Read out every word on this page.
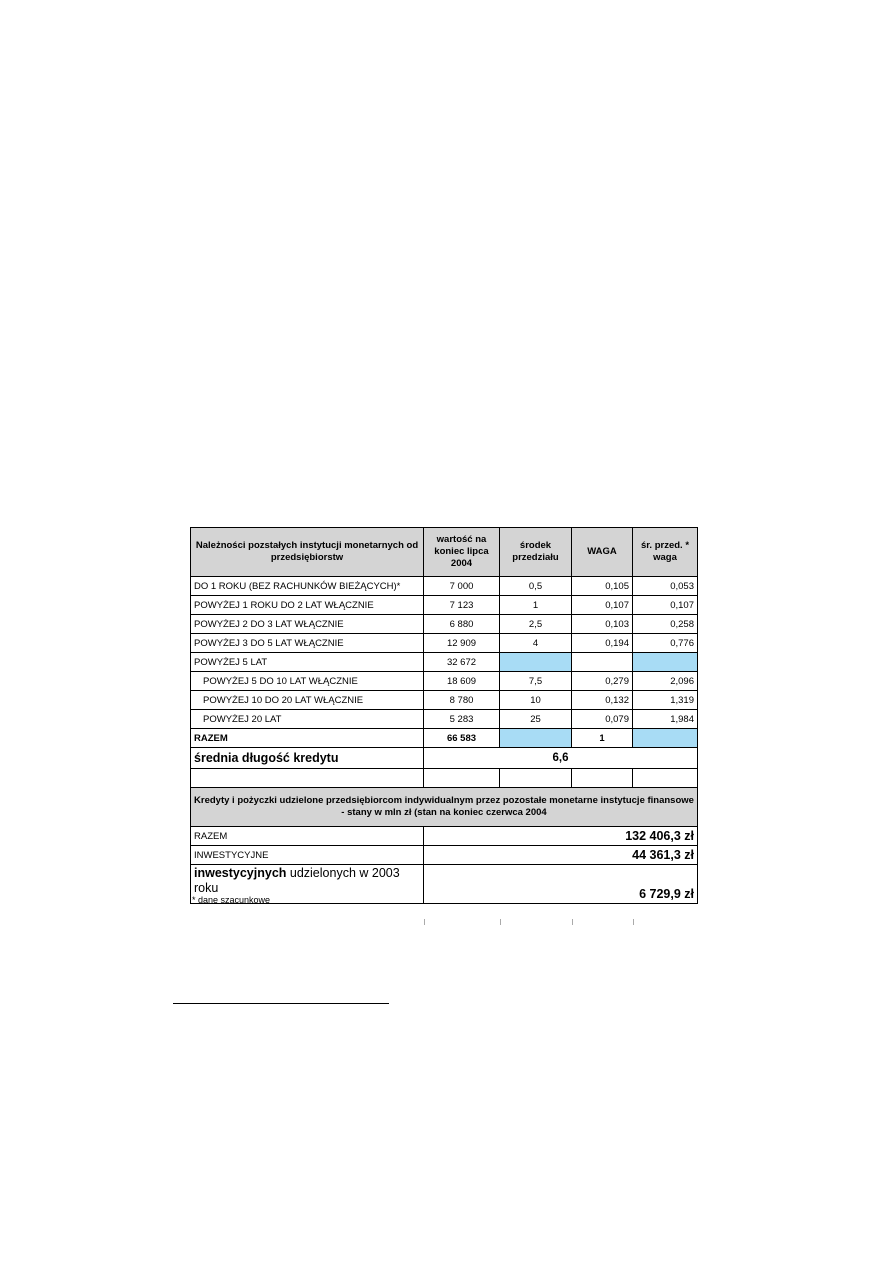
Należności pozstałych instytucji monetarnych od przedsiębiorstw	wartość na koniec lipca 2004	środek przedziału	WAGA	śr. przed. * waga
DO 1 ROKU (BEZ RACHUNKÓW BIEŻĄCYCH)*	7 000	0,5	0,105	0,053
POWYŻEJ 1 ROKU DO 2 LAT WŁĄCZNIE	7 123	1	0,107	0,107
POWYŻEJ 2 DO 3 LAT WŁĄCZNIE	6 880	2,5	0,103	0,258
POWYŻEJ 3 DO 5 LAT WŁĄCZNIE	12 909	4	0,194	0,776
POWYŻEJ 5 LAT	32 672			
POWYŻEJ 5 DO 10 LAT WŁĄCZNIE	18 609	7,5	0,279	2,096
POWYŻEJ 10 DO 20 LAT WŁĄCZNIE	8 780	10	0,132	1,319
POWYŻEJ 20 LAT	5 283	25	0,079	1,984
RAZEM	66 583		1	
średnia długość kredytu	6,6			

Kredyty i pożyczki udzielone przedsiębiorcom indywidualnym przez pozostałe monetarne instytucje finansowe - stany w mln zł (stan na koniec czerwca 2004				
RAZEM	132 406,3 zł			
INWESTYCYJNE	44 361,3 zł			
inwestycyjnych udzielonych w 2003 roku	6 729,9 zł			
* dane szacunkowe
